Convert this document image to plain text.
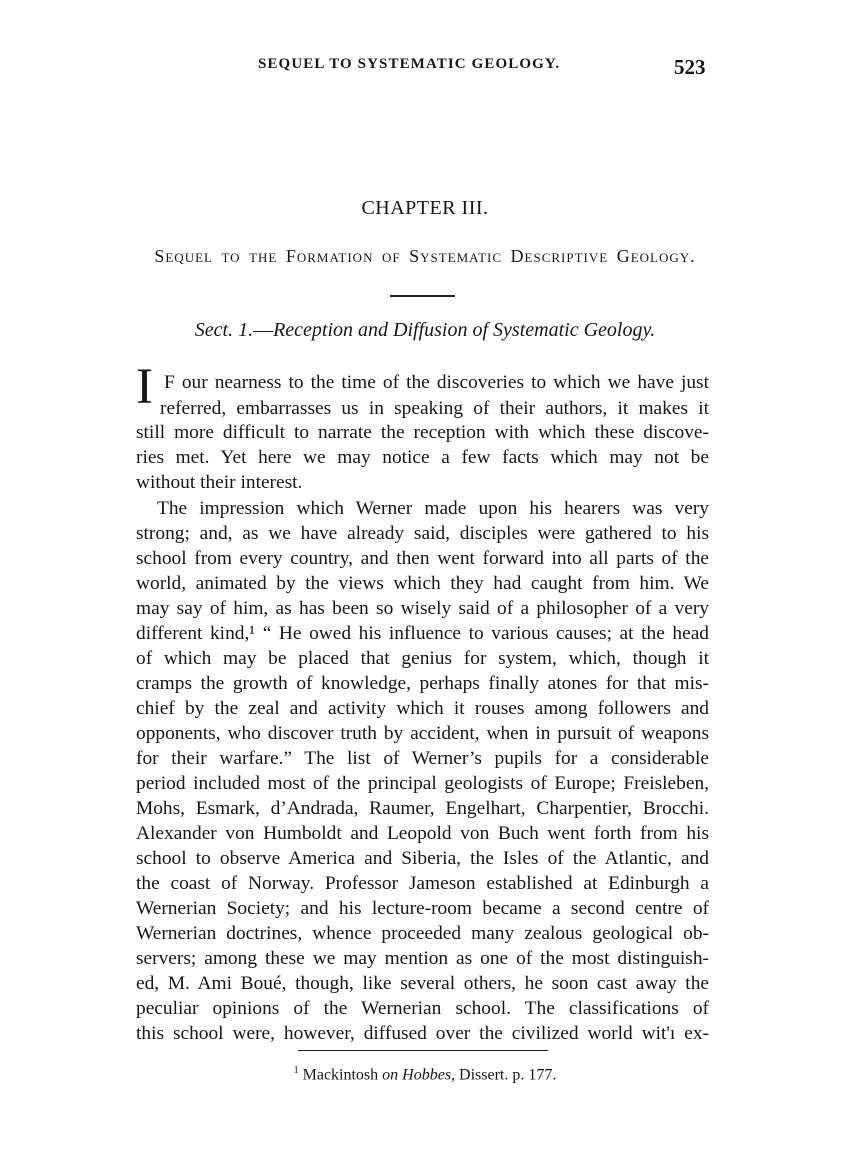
SEQUEL TO SYSTEMATIC GEOLOGY.	523
CHAPTER III.
Sequel to the Formation of Systematic Descriptive Geology.
Sect. 1.—Reception and Diffusion of Systematic Geology.
I F our nearness to the time of the discoveries to which we have just
referred, embarrasses us in speaking of their authors, it makes it
still more difficult to narrate the reception with which these discove-
ries met. Yet here we may notice a few facts which may not be
without their interest.
The impression which Werner made upon his hearers was very
strong; and, as we have already said, disciples were gathered to his
school from every country, and then went forward into all parts of the
world, animated by the views which they had caught from him. We
may say of him, as has been so wisely said of a philosopher of a very
different kind,¹ “ He owed his influence to various causes; at the head
of which may be placed that genius for system, which, though it
cramps the growth of knowledge, perhaps finally atones for that mis-
chief by the zeal and activity which it rouses among followers and
opponents, who discover truth by accident, when in pursuit of weapons
for their warfare.” The list of Werner’s pupils for a considerable
period included most of the principal geologists of Europe; Freisleben,
Mohs, Esmark, d’Andrada, Raumer, Engelhart, Charpentier, Brocchi.
Alexander von Humboldt and Leopold von Buch went forth from his
school to observe America and Siberia, the Isles of the Atlantic, and
the coast of Norway. Professor Jameson established at Edinburgh a
Wernerian Society; and his lecture-room became a second centre of
Wernerian doctrines, whence proceeded many zealous geological ob-
servers; among these we may mention as one of the most distinguish-
ed, M. Ami Boué, though, like several others, he soon cast away the
peculiar opinions of the Wernerian school. The classifications of
this school were, however, diffused over the civilized world wit'ı ex-
$^1$ Mackintosh on Hobbes, Dissert. p. 177.
